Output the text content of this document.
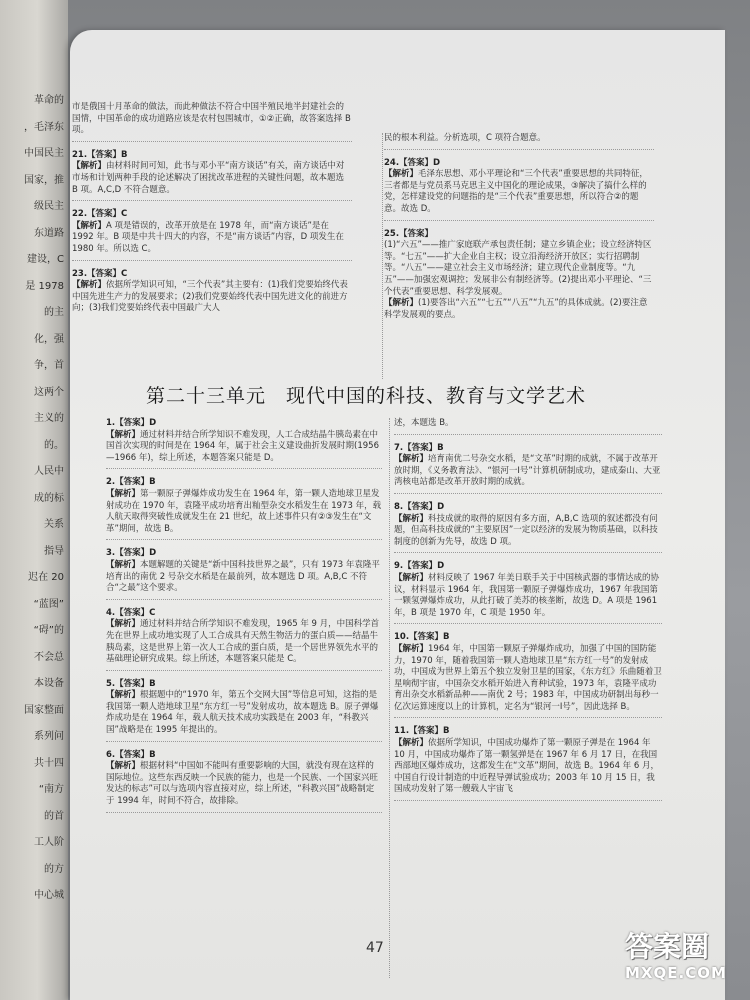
革命的
，毛泽东
中国民主
国家，推
级民主
东道路
建设，C
是 1978
的主
化，强
争，首
这两个
主义的
的。
人民中
成的标
关系
指导
迟在 20
“蓝图”
“碍”的
不会总
本设备
国家整面
系列问
共十四
“南方
的首
工人阶
的方
中心城
市是俄国十月革命的做法，而此种做法不符合中国半殖民地半封建社会的国情，中国革命的成功道路应该是农村包围城市，①②正确，故答案选择 B 项。
21.【答案】B
【解析】由材料时间可知，此书与邓小平“南方谈话”有关，南方谈话中对市场和计划两种手段的论述解决了困扰改革进程的关键性问题，故本题选 B 项。A,C,D 不符合题意。
22.【答案】C
【解析】A 项是错误的，改革开放是在 1978 年，而“南方谈话”是在 1992 年。B 项是中共十四大的内容，不是“南方谈话”内容，D 项发生在 1980 年。所以选 C。
23.【答案】C
【解析】依据所学知识可知，“三个代表”其主要有：(1)我们党要始终代表中国先进生产力的发展要求；(2)我们党要始终代表中国先进文化的前进方向；(3)我们党要始终代表中国最广大人
民的根本利益。分析选项，C 项符合题意。
24.【答案】D
【解析】毛泽东思想、邓小平理论和“三个代表”重要思想的共同特征，三者都是与党员系马克思主义中国化的理论成果，③解决了搞什么样的党，怎样建设党的问题指的是“三个代表”重要思想，所以符合②的题意。故选 D。
25.【答案】
(1)“六五”——推广家庭联产承包责任制；建立乡镇企业；设立经济特区等。“七五”——扩大企业自主权；设立沿海经济开放区；实行招聘制等。“八五”——建立社会主义市场经济；建立现代企业制度等。“九五”——加强宏观调控；发展非公有制经济等。(2)提出邓小平理论、“三个代表”重要思想、科学发展观。
【解析】(1)要答出“六五”“七五”“八五”“九五”的具体成就。(2)要注意科学发展观的要点。
第二十三单元　现代中国的科技、教育与文学艺术
1.【答案】D
【解析】通过材料并结合所学知识不难发现，人工合成结晶牛胰岛素在中国首次实现的时间是在 1964 年，属于社会主义建设曲折发展时期(1956—1966 年)，综上所述，本题答案只能是 D。
2.【答案】B
【解析】第一颗原子弹爆炸成功发生在 1964 年，第一颗人造地球卫星发射成功在 1970 年，袁隆平成功培育出籼型杂交水稻发生在 1973 年，载人航天取得突破性成就发生在 21 世纪，故上述事件只有②③发生在“文革”期间，故选 B。
3.【答案】D
【解析】本题解题的关键是“新中国科技世界之最”，只有 1973 年袁隆平培育出的南优 2 号杂交水稻是在最前列，故本题选 D 项。A,B,C 不符合“之最”这个要求。
4.【答案】C
【解析】通过材料并结合所学知识不难发现，1965 年 9 月，中国科学首先在世界上成功地实现了人工合成具有天然生物活力的蛋白质——结晶牛胰岛素，这是世界上第一次人工合成的蛋白质，是一个居世界领先水平的基础理论研究成果。综上所述，本题答案只能是 C。
5.【答案】B
【解析】根据题中的“1970 年，第五个交网大国”等信息可知，这指的是我国第一颗人造地球卫星“东方红一号”发射成功，故本题选 B。原子弹爆炸成功是在 1964 年，载人航天技术成功实践是在 2003 年，“科教兴国”战略是在 1995 年提出的。
6.【答案】B
【解析】根据材料“中国如不能叫有重要影响的大国，就没有现在这样的国际地位。这些东西反映一个民族的能力，也是一个民族、一个国家兴旺发达的标志”可以与选项内容直接对应，综上所述，“科教兴国”战略制定于 1994 年，时间不符合，故排除。
述，本题选 B。
7.【答案】B
【解析】培育南优二号杂交水稻，是“文革”时期的成就，不属于改革开放时期，《义务教育法》、“银河一Ⅰ号”计算机研制成功，建成秦山、大亚湾核电站都是改革开放时期的成就。
8.【答案】D
【解析】科技成就的取得的原因有多方面，A,B,C 选项的叙述都没有问题，但高科技成就的“主要原因”一定以经济的发展为物质基础，以科技制度的创新为先导，故选 D 项。
9.【答案】D
【解析】材料反映了 1967 年美日联手关于中国核武器的事情达成的协议，材料显示 1964 年，我国第一颗原子弹爆炸成功，1967 年我国第一颗氢弹爆炸成功，从此打破了美苏的核垄断，故选 D。A 项是 1961 年，B 项是 1970 年，C 项是 1950 年。
10.【答案】B
【解析】1964 年，中国第一颗原子弹爆炸成功，加强了中国的国防能力，1970 年，随着我国第一颗人造地球卫星“东方红一号”的发射成功，中国成为世界上第五个独立发射卫星的国家，《东方红》乐曲随着卫星响彻宇宙，中国杂交水稻开始进入育种试验，1973 年，袁隆平成功育出杂交水稻新品种——南优 2 号；1983 年，中国成功研制出每秒一亿次运算速度以上的计算机，定名为“银河一Ⅰ号”，因此选择 B。
11.【答案】B
【解析】依据所学知识，中国成功爆炸了第一颗原子弹是在 1964 年 10 月，中国成功爆炸了第一颗氢弹是在 1967 年 6 月 17 日，在我国西部地区爆炸成功，这都发生在“文革”期间，故选 B。1964 年 6 月，中国自行设计制造的中近程导弹试验成功；2003 年 10 月 15 日，我国成功发射了第一艘载人宇宙飞
47	答案圈
MXQE.COM
